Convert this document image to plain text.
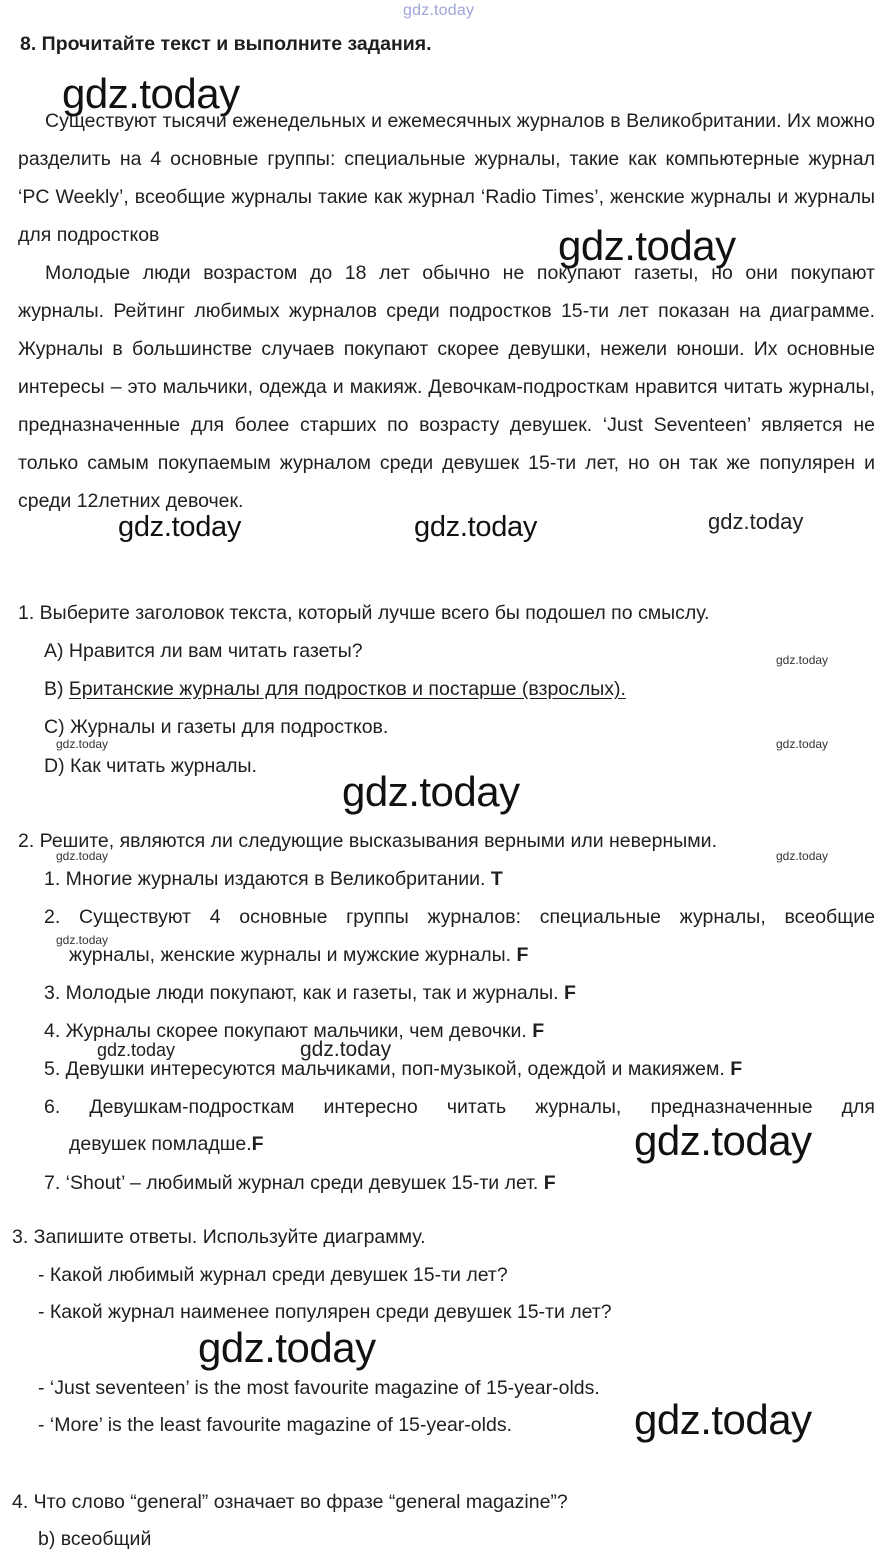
gdz.today
8. Прочитайте текст и выполните задания.
gdz.today
Существуют тысячи еженедельных и ежемесячных журналов в Великобритании. Их можно разделить на 4 основные группы: специальные журналы, такие как компьютерные журнал ‘PC Weekly’, всеобщие журналы такие как журнал ‘Radio Times’, женские журналы и журналы для подростков	gdz.today
Молодые люди возрастом до 18 лет обычно не покупают газеты, но они покупают журналы. Рейтинг любимых журналов среди подростков 15-ти лет показан на диаграмме. Журналы в большинстве случаев покупают скорее девушки, нежели юноши. Их основные интересы – это мальчики, одежда и макияж. Девочкам-подросткам нравится читать журналы, предназначенные для более старших по возрасту девушек. ‘Just Seventeen’ является не только самым покупаемым журналом среди девушек 15-ти лет, но он так же популярен и среди 12летних девочек.
gdz.today	gdz.today	gdz.today
1. Выберите заголовок текста, который лучше всего бы подошел по смыслу.
A) Нравится ли вам читать газеты?
B) Британские журналы для подростков и постарше (взрослых).
C) Журналы и газеты для подростков.
D) Как читать журналы.
gdz.today
gdz.today	gdz.today
gdz.today
2. Решите, являются ли следующие высказывания верными или неверными.
gdz.today	gdz.today
1. Многие журналы издаются в Великобритании. T
2. Существуют 4 основные группы журналов: специальные журналы, всеобщие
gdz.today
журналы, женские журналы и мужские журналы. F
3. Молодые люди покупают, как и газеты, так и журналы. F
4. Журналы скорее покупают мальчики, чем девочки. F
gdz.today	gdz.today
5. Девушки интересуются мальчиками, поп-музыкой, одеждой и макияжем. F
6. Девушкам-подросткам интересно читать журналы, предназначенные для
девушек помладше.F	gdz.today
7. ‘Shout’ – любимый журнал среди девушек 15-ти лет. F
3. Запишите ответы. Используйте диаграмму.
- Какой любимый журнал среди девушек 15-ти лет?
- Какой журнал наименее популярен среди девушек 15-ти лет?
gdz.today
- ‘Just seventeen’ is the most favourite magazine of 15-year-olds.
- ‘More’ is the least favourite magazine of 15-year-olds.	gdz.today
4. Что слово “general” означает во фразе “general magazine”?
b) всеобщий
